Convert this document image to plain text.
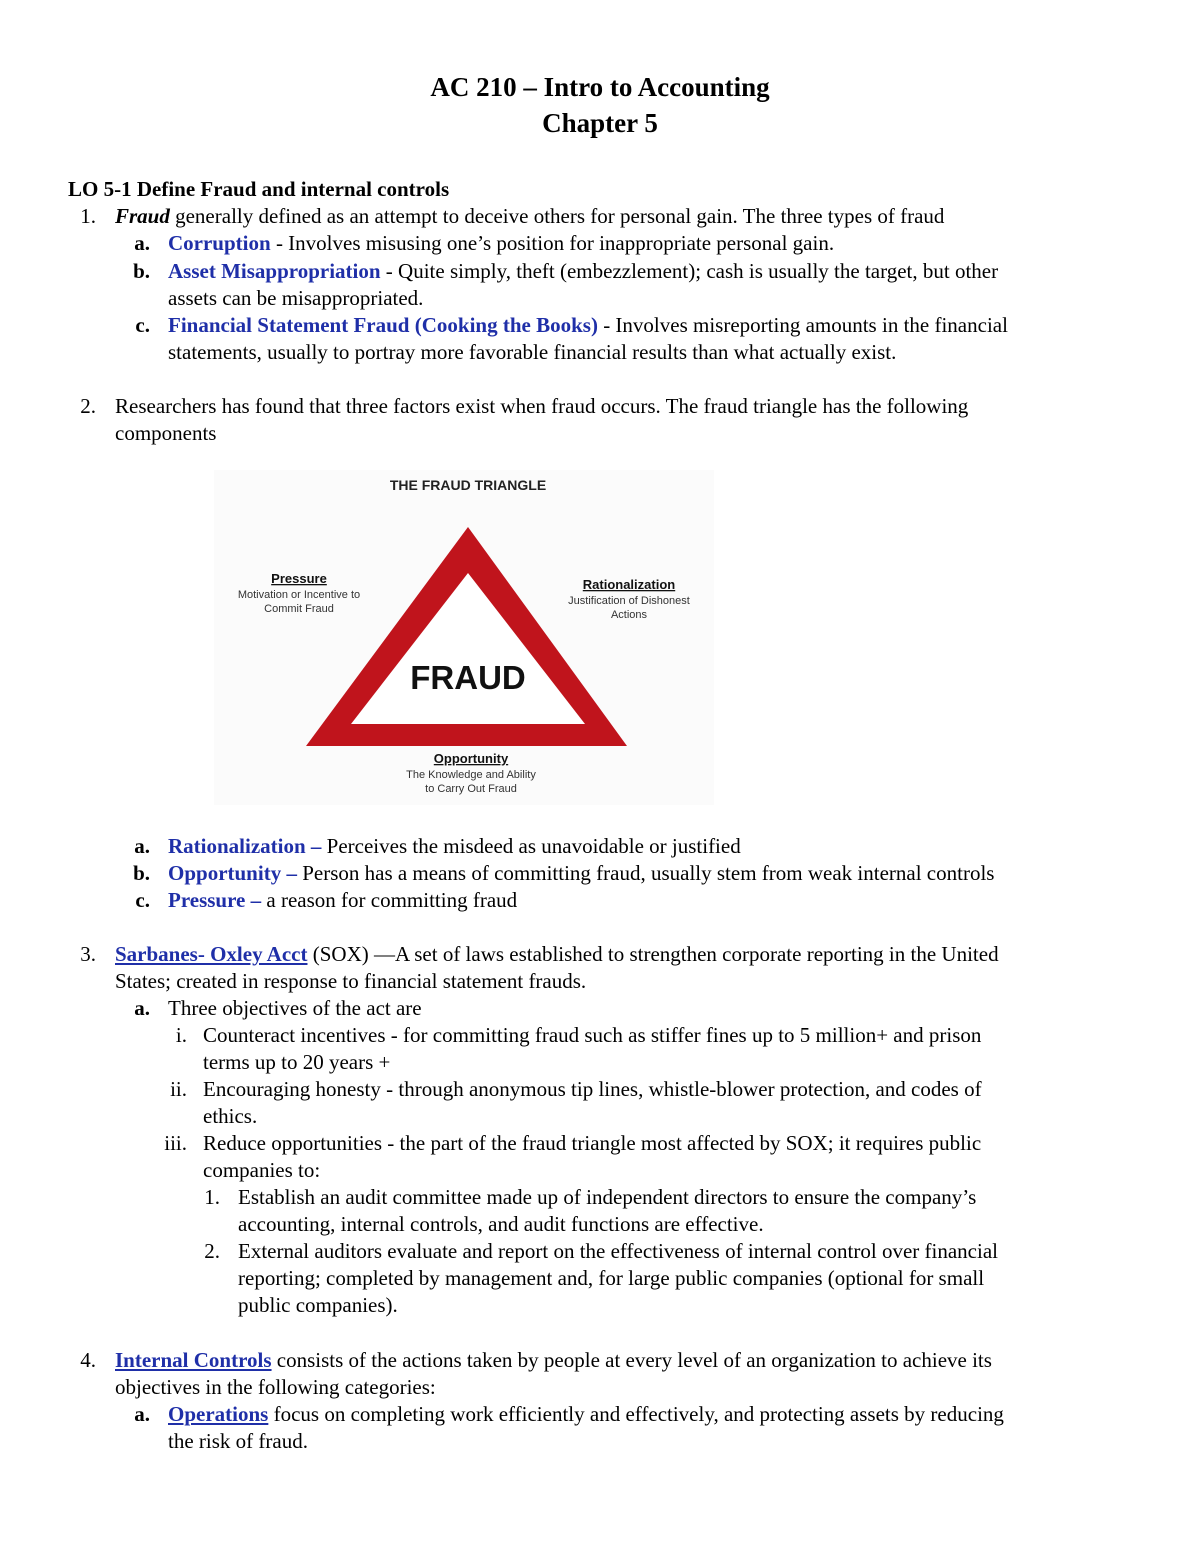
AC 210 – Intro to Accounting
Chapter 5
LO 5-1 Define Fraud and internal controls
1. Fraud generally defined as an attempt to deceive others for personal gain. The three types of fraud
a. Corruption - Involves misusing one’s position for inappropriate personal gain.
b. Asset Misappropriation - Quite simply, theft (embezzlement); cash is usually the target, but other
assets can be misappropriated.
c. Financial Statement Fraud (Cooking the Books) - Involves misreporting amounts in the financial
statements, usually to portray more favorable financial results than what actually exist.
2. Researchers has found that three factors exist when fraud occurs. The fraud triangle has the following
components
THE FRAUD TRIANGLE
FRAUD
Pressure
Motivation or Incentive to
Commit Fraud
Rationalization
Justification of Dishonest
Actions
Opportunity
The Knowledge and Ability
to Carry Out Fraud
a. Rationalization – Perceives the misdeed as unavoidable or justified
b. Opportunity – Person has a means of committing fraud, usually stem from weak internal controls
c. Pressure – a reason for committing fraud
3. Sarbanes- Oxley Acct (SOX) —A set of laws established to strengthen corporate reporting in the United
States; created in response to financial statement frauds.
a. Three objectives of the act are
i. Counteract incentives - for committing fraud such as stiffer fines up to 5 million+ and prison
terms up to 20 years +
ii. Encouraging honesty - through anonymous tip lines, whistle-blower protection, and codes of
ethics.
iii. Reduce opportunities - the part of the fraud triangle most affected by SOX; it requires public
companies to:
1. Establish an audit committee made up of independent directors to ensure the company’s
accounting, internal controls, and audit functions are effective.
2. External auditors evaluate and report on the effectiveness of internal control over financial
reporting; completed by management and, for large public companies (optional for small
public companies).
4. Internal Controls consists of the actions taken by people at every level of an organization to achieve its
objectives in the following categories:
a. Operations focus on completing work efficiently and effectively, and protecting assets by reducing
the risk of fraud.
